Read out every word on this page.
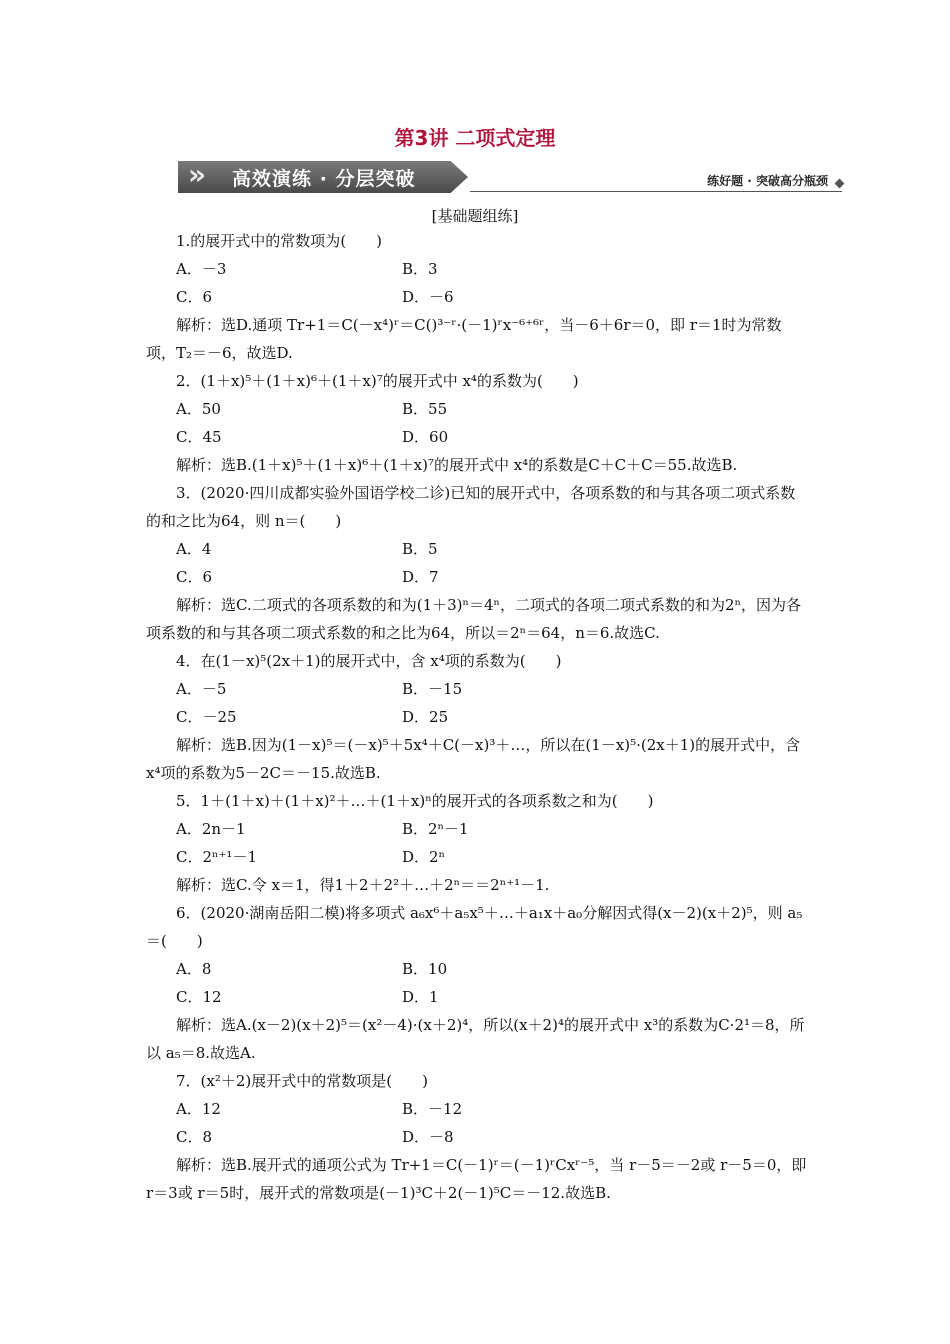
第3讲 二项式定理
» 高效演练 · 分层突破	练好题 · 突破高分瓶颈
[基础题组练]

1.的展开式中的常数项为(　　)

A．－3	B．3
C．6	D．－6

解析：选D.通项 Tr+1＝C(－x⁴)ʳ＝C()³⁻ʳ·(－1)ʳx⁻⁶⁺⁶ʳ，当－6＋6r＝0，即 r＝1时为常数项，T₂＝－6，故选D.

2．(1＋x)⁵＋(1＋x)⁶＋(1＋x)⁷的展开式中 x⁴的系数为(　　)

A．50	B．55
C．45	D．60

解析：选B.(1＋x)⁵＋(1＋x)⁶＋(1＋x)⁷的展开式中 x⁴的系数是C＋C＋C＝55.故选B.

3．(2020·四川成都实验外国语学校二诊)已知的展开式中，各项系数的和与其各项二项式系数的和之比为64，则 n＝(　　)

A．4	B．5
C．6	D．7

解析：选C.二项式的各项系数的和为(1＋3)ⁿ＝4ⁿ，二项式的各项二项式系数的和为2ⁿ，因为各项系数的和与其各项二项式系数的和之比为64，所以＝2ⁿ＝64，n＝6.故选C.

4．在(1－x)⁵(2x＋1)的展开式中，含 x⁴项的系数为(　　)

A．－5	B．－15
C．－25	D．25

解析：选B.因为(1－x)⁵＝(－x)⁵＋5x⁴＋C(－x)³＋…，所以在(1－x)⁵·(2x＋1)的展开式中，含 x⁴项的系数为5－2C＝－15.故选B.

5．1＋(1＋x)＋(1＋x)²＋…＋(1＋x)ⁿ的展开式的各项系数之和为(　　)

A．2n－1	B．2ⁿ－1
C．2ⁿ⁺¹－1	D．2ⁿ

解析：选C.令 x＝1，得1＋2＋2²＋…＋2ⁿ＝＝2ⁿ⁺¹－1.

6．(2020·湖南岳阳二模)将多项式 a₆x⁶＋a₅x⁵＋…＋a₁x＋a₀分解因式得(x－2)(x＋2)⁵，则 a₅＝(　　)

A．8	B．10
C．12	D．1

解析：选A.(x－2)(x＋2)⁵＝(x²－4)·(x＋2)⁴，所以(x＋2)⁴的展开式中 x³的系数为C·2¹＝8，所以 a₅＝8.故选A.

7．(x²＋2)展开式中的常数项是(　　)

A．12	B．－12
C．8	D．－8

解析：选B.展开式的通项公式为 Tr+1＝C(－1)ʳ＝(－1)ʳCxʳ⁻⁵，当 r－5＝－2或 r－5＝0，即 r＝3或 r＝5时，展开式的常数项是(－1)³C＋2(－1)⁵C＝－12.故选B.
